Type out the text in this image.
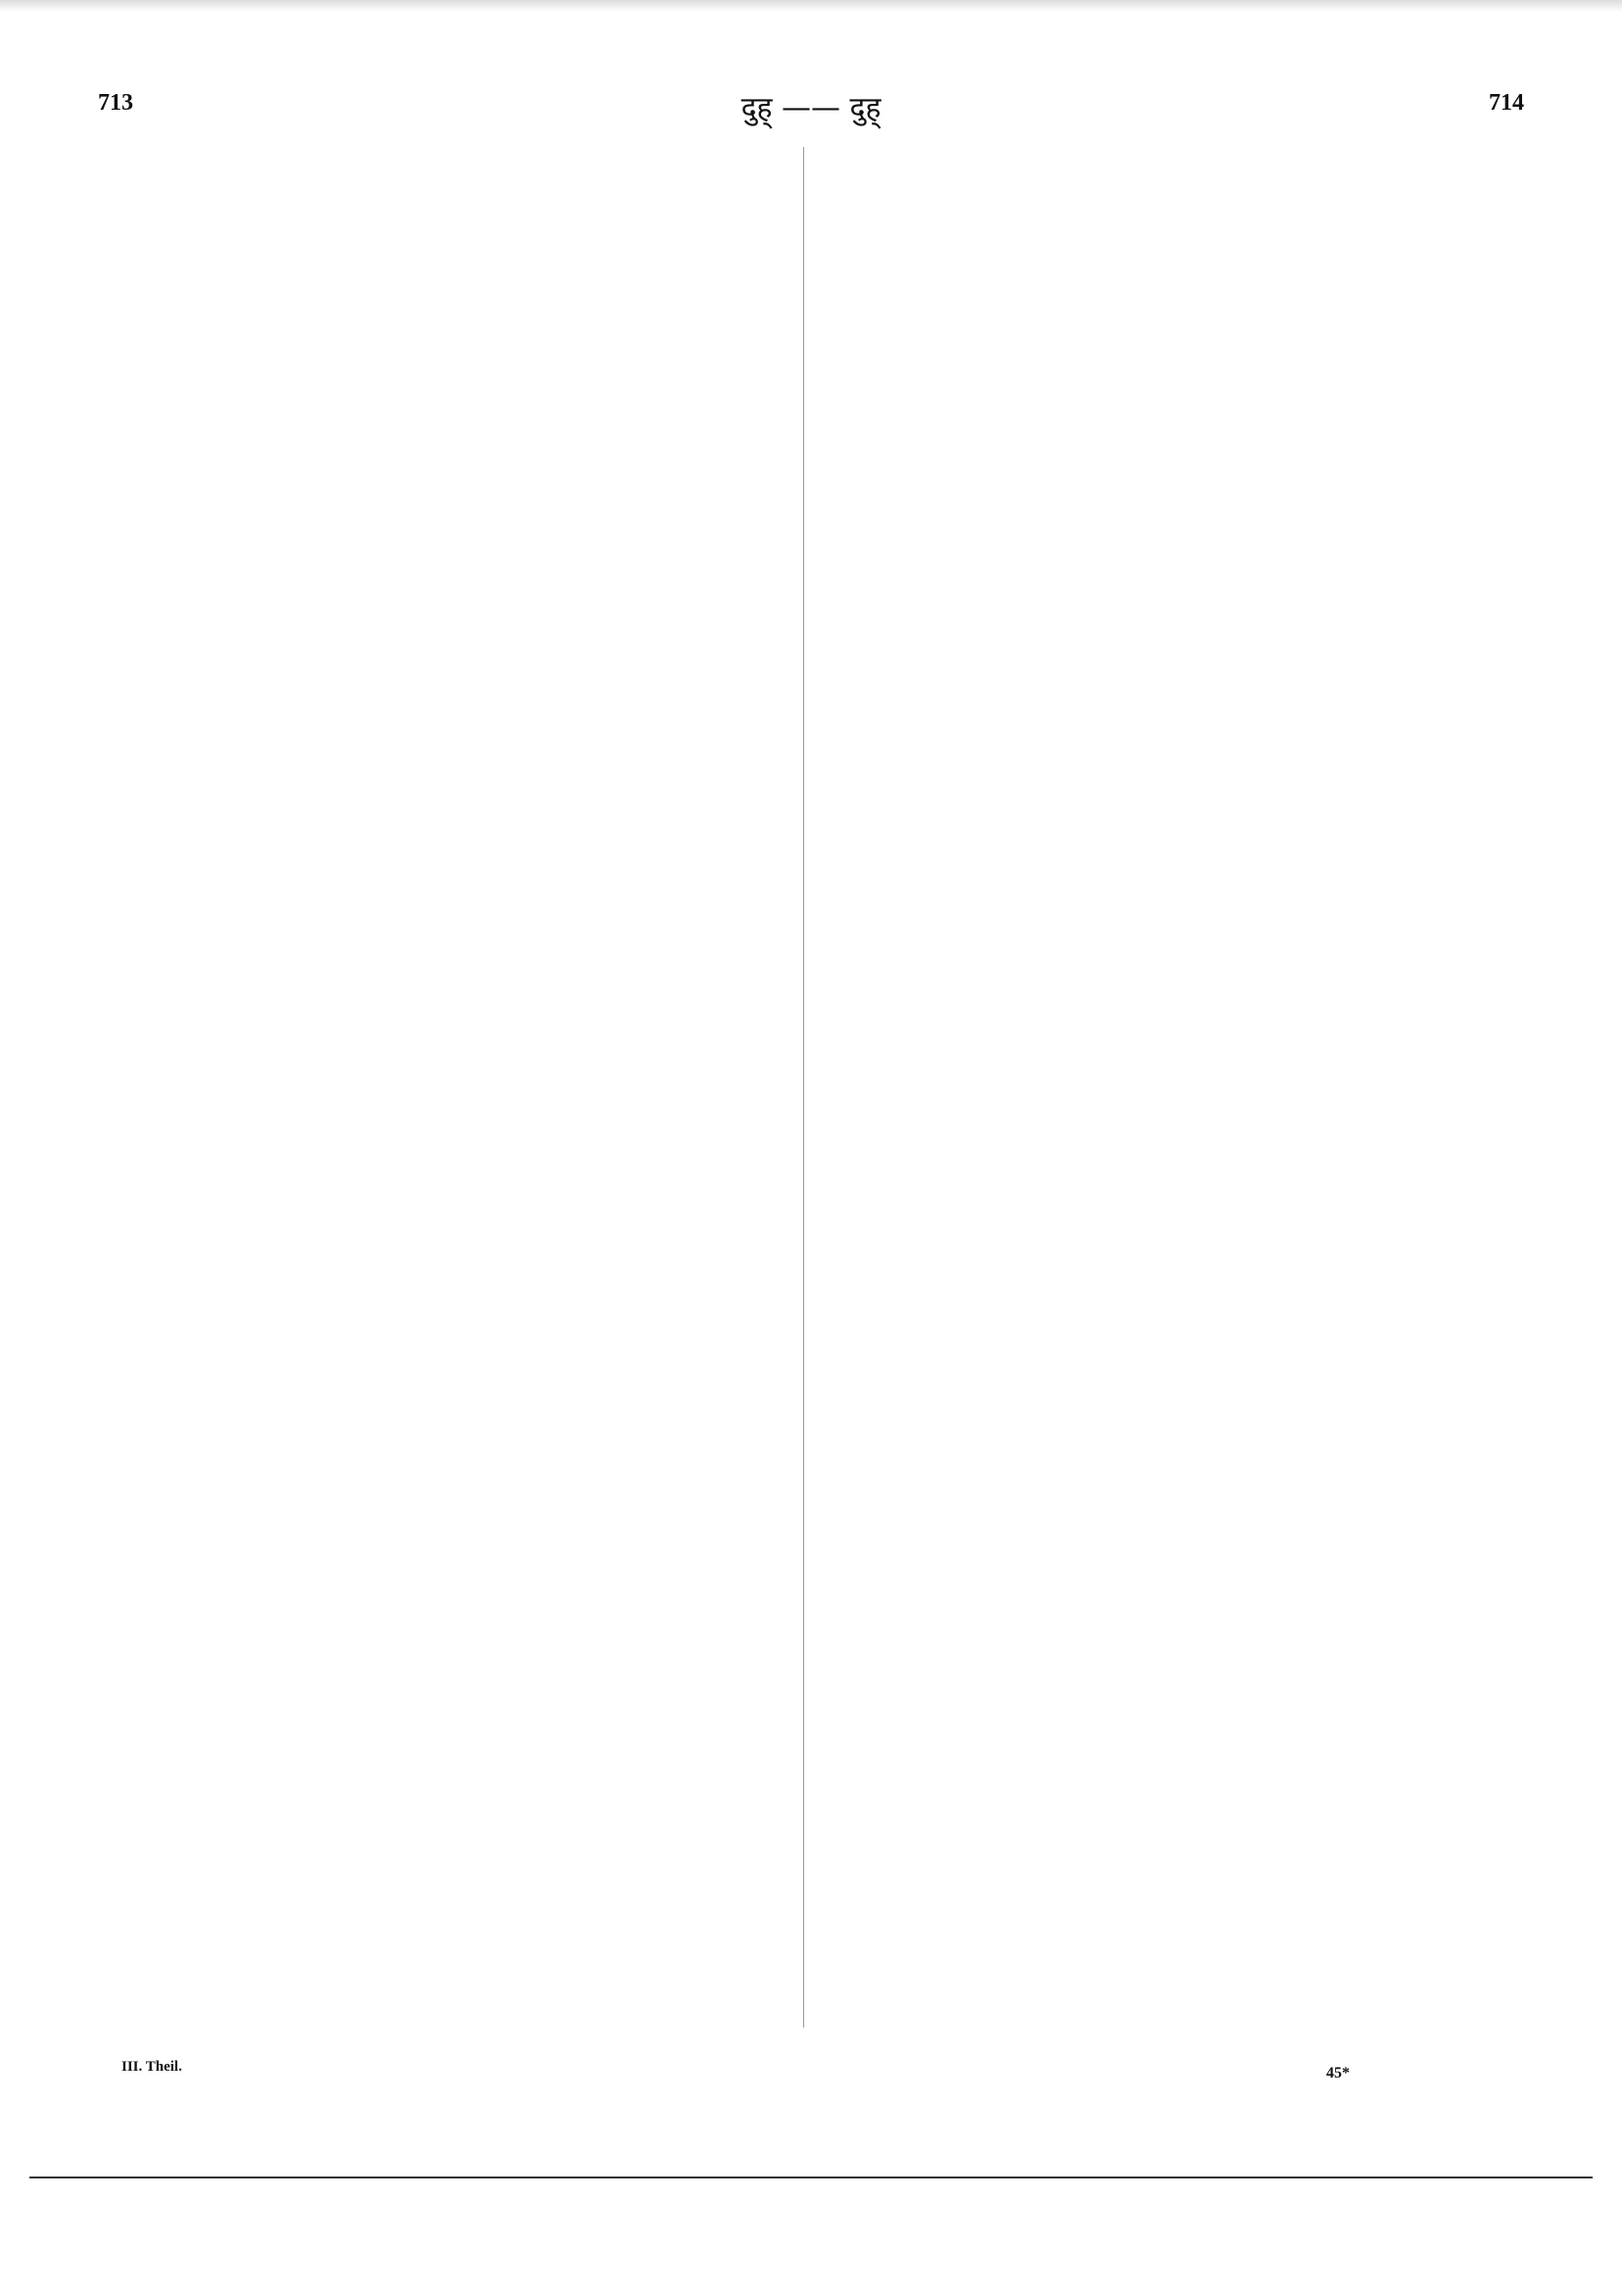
713	दुह् —— दुह्	714
III. Theil.	45*
